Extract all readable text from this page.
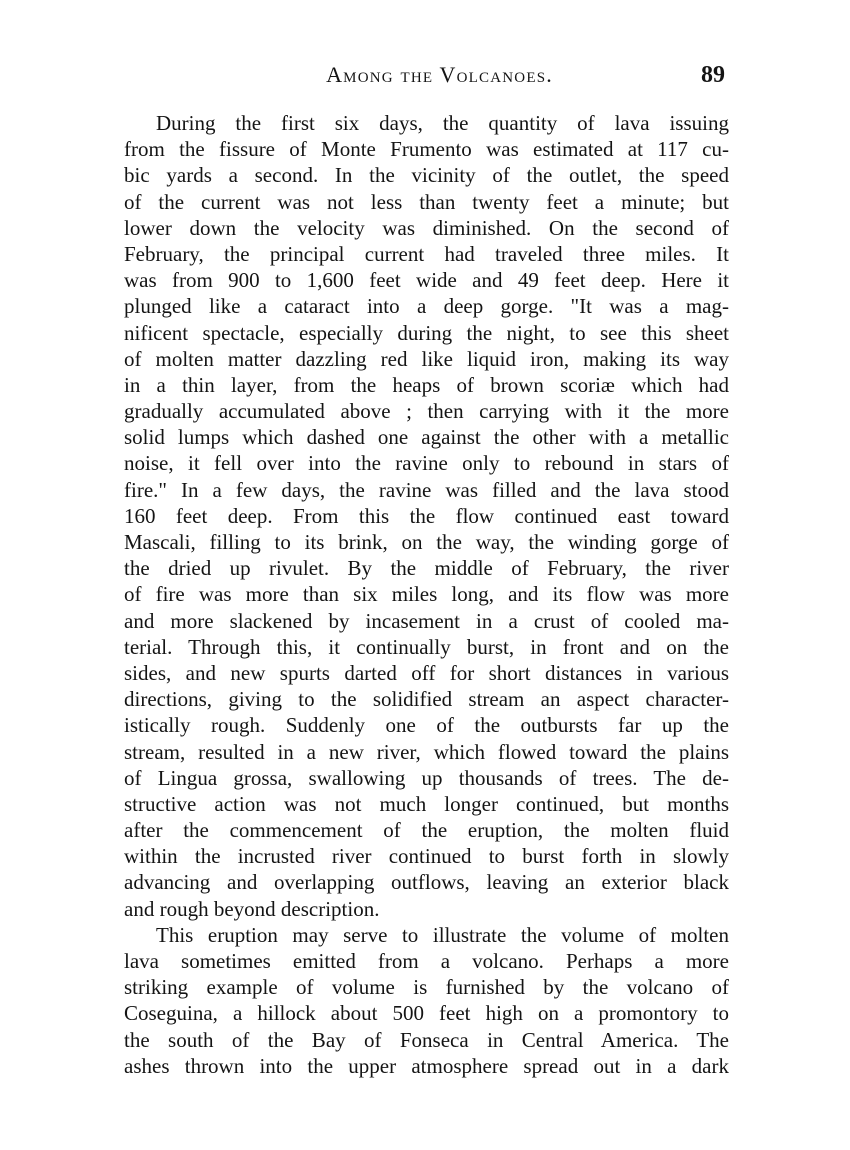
Among the Volcanoes.	89
During the first six days, the quantity of lava issuing
from the fissure of Monte Frumento was estimated at 117 cu-
bic yards a second. In the vicinity of the outlet, the speed
of the current was not less than twenty feet a minute; but
lower down the velocity was diminished. On the second of
February, the principal current had traveled three miles. It
was from 900 to 1,600 feet wide and 49 feet deep. Here it
plunged like a cataract into a deep gorge. "It was a mag-
nificent spectacle, especially during the night, to see this sheet
of molten matter dazzling red like liquid iron, making its way
in a thin layer, from the heaps of brown scoriæ which had
gradually accumulated above ; then carrying with it the more
solid lumps which dashed one against the other with a metallic
noise, it fell over into the ravine only to rebound in stars of
fire." In a few days, the ravine was filled and the lava stood
160 feet deep. From this the flow continued east toward
Mascali, filling to its brink, on the way, the winding gorge of
the dried up rivulet. By the middle of February, the river
of fire was more than six miles long, and its flow was more
and more slackened by incasement in a crust of cooled ma-
terial. Through this, it continually burst, in front and on the
sides, and new spurts darted off for short distances in various
directions, giving to the solidified stream an aspect character-
istically rough. Suddenly one of the outbursts far up the
stream, resulted in a new river, which flowed toward the plains
of Lingua grossa, swallowing up thousands of trees. The de-
structive action was not much longer continued, but months
after the commencement of the eruption, the molten fluid
within the incrusted river continued to burst forth in slowly
advancing and overlapping outflows, leaving an exterior black
and rough beyond description.
This eruption may serve to illustrate the volume of molten
lava sometimes emitted from a volcano. Perhaps a more
striking example of volume is furnished by the volcano of
Coseguina, a hillock about 500 feet high on a promontory to
the south of the Bay of Fonseca in Central America. The
ashes thrown into the upper atmosphere spread out in a dark
